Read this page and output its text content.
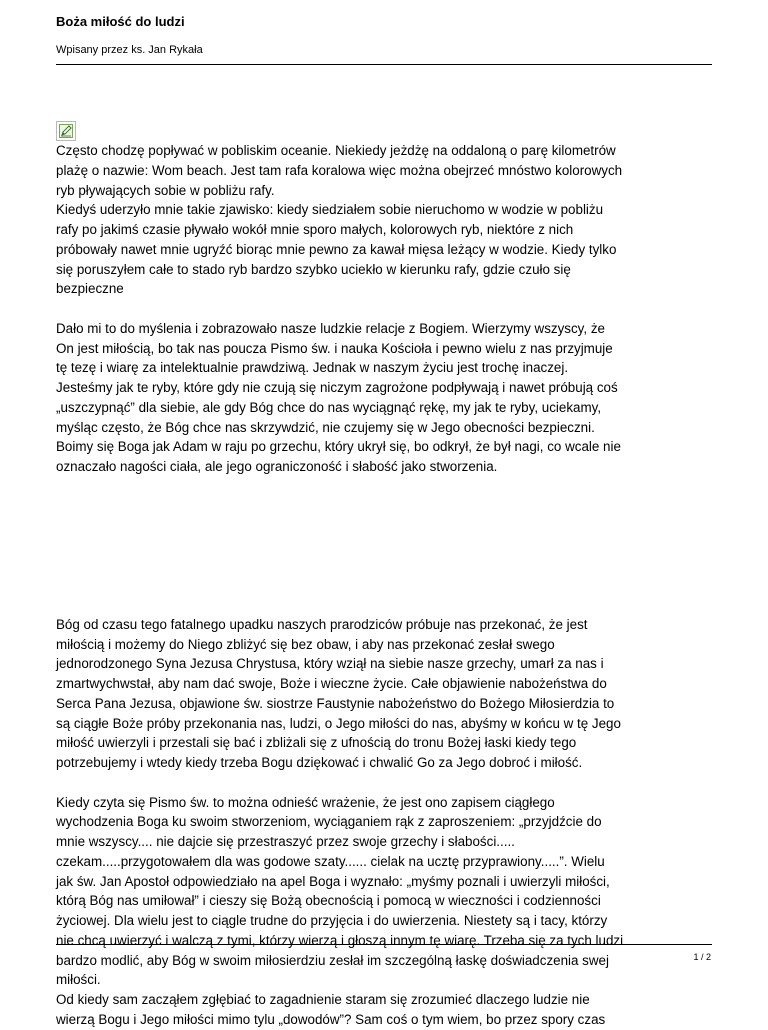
Boża miłość do ludzi
Wpisany przez ks. Jan Rykała

Często chodzę popływać w pobliskim oceanie. Niekiedy jeżdżę na oddaloną o parę kilometrów
plażę o nazwie: Wom beach. Jest tam rafa koralowa więc można obejrzeć mnóstwo kolorowych
ryb pływających sobie w pobliżu rafy.

Kiedyś uderzyło mnie takie zjawisko: kiedy siedziałem sobie nieruchomo w wodzie w pobliżu
rafy po jakimś czasie pływało wokół mnie sporo małych, kolorowych ryb, niektóre z nich
próbowały nawet mnie ugryźć biorąc mnie pewno za kawał mięsa leżący w wodzie. Kiedy tylko
się poruszyłem całe to stado ryb bardzo szybko uciekło w kierunku rafy, gdzie czuło się
bezpieczne

Dało mi to do myślenia i zobrazowało nasze ludzkie relacje z Bogiem. Wierzymy wszyscy, że
On jest miłością, bo tak nas poucza Pismo św. i nauka Kościoła i pewno wielu z nas przyjmuje
tę tezę i wiarę za intelektualnie prawdziwą. Jednak w naszym życiu jest trochę inaczej.
Jesteśmy jak te ryby, które gdy nie czują się niczym zagrożone podpływają i nawet próbują coś
„uszczypnąć” dla siebie, ale gdy Bóg chce do nas wyciągnąć rękę, my jak te ryby, uciekamy,
myśląc często, że Bóg chce nas skrzywdzić, nie czujemy się w Jego obecności bezpieczni.
Boimy się Boga jak Adam w raju po grzechu, który ukrył się, bo odkrył, że był nagi, co wcale nie
oznaczało nagości ciała, ale jego ograniczoność i słabość jako stworzenia.

Bóg od czasu tego fatalnego upadku naszych prarodziców próbuje nas przekonać, że jest
miłością i możemy do Niego zbliżyć się bez obaw, i aby nas przekonać zesłał swego
jednorodzonego Syna Jezusa Chrystusa, który wziął na siebie nasze grzechy, umarł za nas i
zmartwychwstał, aby nam dać swoje, Boże i wieczne życie. Całe objawienie nabożeństwa do
Serca Pana Jezusa, objawione św. siostrze Faustynie nabożeństwo do Bożego Miłosierdzia to
są ciągłe Boże próby przekonania nas, ludzi, o Jego miłości do nas, abyśmy w końcu w tę Jego
miłość uwierzyli i przestali się bać i zbliżali się z ufnością do tronu Bożej łaski kiedy tego
potrzebujemy i wtedy kiedy trzeba Bogu dziękować i chwalić Go za Jego dobroć i miłość.

Kiedy czyta się Pismo św. to można odnieść wrażenie, że jest ono zapisem ciągłego
wychodzenia Boga ku swoim stworzeniom, wyciąganiem rąk z zaproszeniem: „przyjdźcie do
mnie wszyscy.... nie dajcie się przestraszyć przez swoje grzechy i słabości.....
czekam.....przygotowałem dla was godowe szaty...... cielak na ucztę przyprawiony.....”. Wielu
jak św. Jan Apostoł odpowiedziało na apel Boga i wyznało: „myśmy poznali i uwierzyli miłości,
którą Bóg nas umiłował” i cieszy się Bożą obecnością i pomocą w wieczności i codzienności
życiowej. Dla wielu jest to ciągle trudne do przyjęcia i do uwierzenia. Niestety są i tacy, którzy
nie chcą uwierzyć i walczą z tymi, którzy wierzą i głoszą innym tę wiarę. Trzeba się za tych ludzi
bardzo modlić, aby Bóg w swoim miłosierdziu zesłał im szczególną łaskę doświadczenia swej
miłości.

Od kiedy sam zacząłem zgłębiać to zagadnienie staram się zrozumieć dlaczego ludzie nie
wierzą Bogu i Jego miłości mimo tylu „dowodów”? Sam coś o tym wiem, bo przez spory czas

1 / 2
